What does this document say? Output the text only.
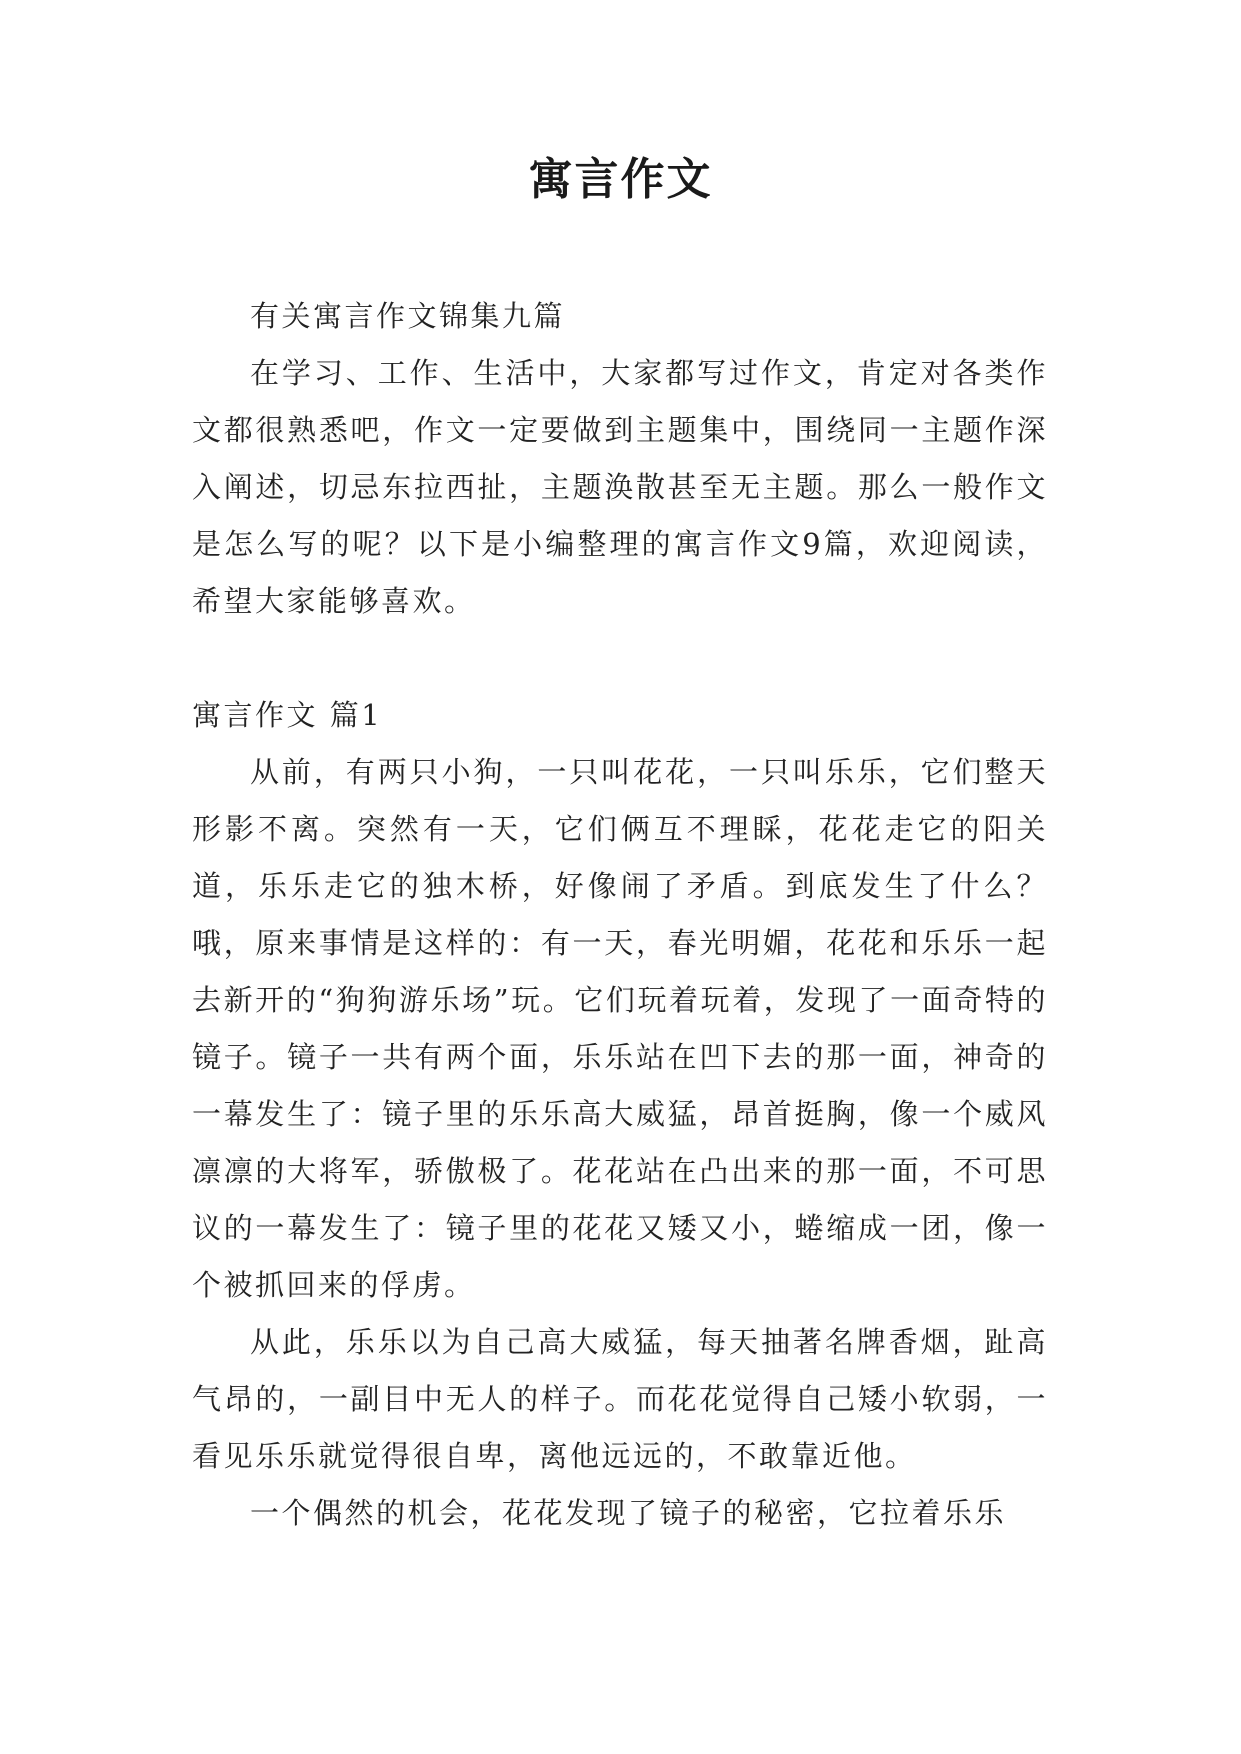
寓言作文

有关寓言作文锦集九篇

在学习、工作、生活中，大家都写过作文，肯定对各类作文都很熟悉吧，作文一定要做到主题集中，围绕同一主题作深入阐述，切忌东拉西扯，主题涣散甚至无主题。那么一般作文是怎么写的呢？以下是小编整理的寓言作文9篇，欢迎阅读，希望大家能够喜欢。

寓言作文 篇1

从前，有两只小狗，一只叫花花，一只叫乐乐，它们整天形影不离。突然有一天，它们俩互不理睬，花花走它的阳关道，乐乐走它的独木桥，好像闹了矛盾。到底发生了什么？哦，原来事情是这样的：有一天，春光明媚，花花和乐乐一起去新开的“狗狗游乐场”玩。它们玩着玩着，发现了一面奇特的镜子。镜子一共有两个面，乐乐站在凹下去的那一面，神奇的一幕发生了：镜子里的乐乐高大威猛，昂首挺胸，像一个威风凛凛的大将军，骄傲极了。花花站在凸出来的那一面，不可思议的一幕发生了：镜子里的花花又矮又小，蜷缩成一团，像一个被抓回来的俘虏。

从此，乐乐以为自己高大威猛，每天抽著名牌香烟，趾高气昂的，一副目中无人的样子。而花花觉得自己矮小软弱，一看见乐乐就觉得很自卑，离他远远的，不敢靠近他。

一个偶然的机会，花花发现了镜子的秘密，它拉着乐乐
